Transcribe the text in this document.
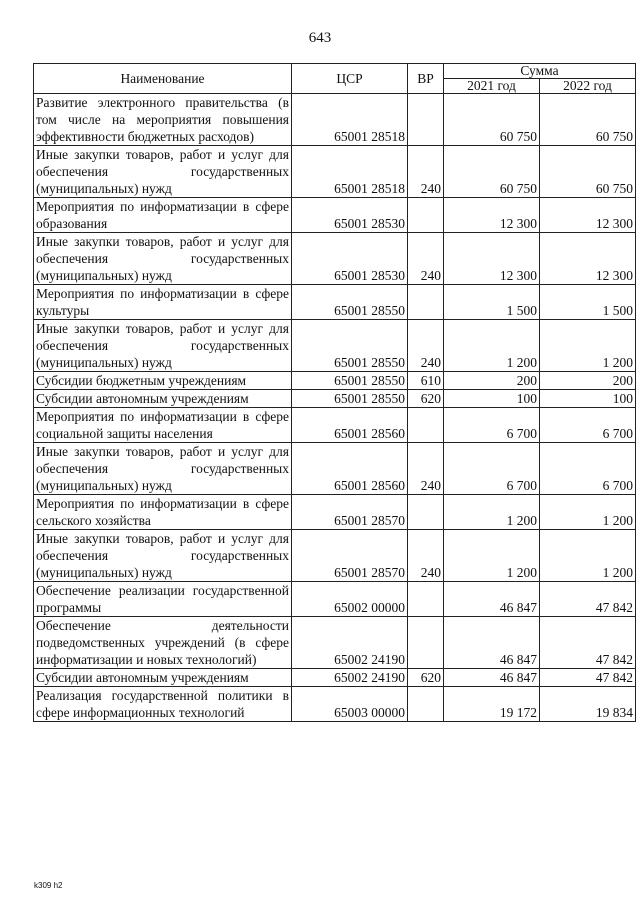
643
Наименование	ЦСР	ВР	Сумма	
			2021 год	2022 год
Развитие электронного правительства (в том числе на мероприятия повышения эффективности бюджетных расходов)	65001 28518		60 750	60 750
Иные закупки товаров, работ и услуг для обеспечения государственных (муниципальных) нужд	65001 28518	240	60 750	60 750
Мероприятия по информатизации в сфере образования	65001 28530		12 300	12 300
Иные закупки товаров, работ и услуг для обеспечения государственных (муниципальных) нужд	65001 28530	240	12 300	12 300
Мероприятия по информатизации в сфере культуры	65001 28550		1 500	1 500
Иные закупки товаров, работ и услуг для обеспечения государственных (муниципальных) нужд	65001 28550	240	1 200	1 200
Субсидии бюджетным учреждениям	65001 28550	610	200	200
Субсидии автономным учреждениям	65001 28550	620	100	100
Мероприятия по информатизации в сфере социальной защиты населения	65001 28560		6 700	6 700
Иные закупки товаров, работ и услуг для обеспечения государственных (муниципальных) нужд	65001 28560	240	6 700	6 700
Мероприятия по информатизации в сфере сельского хозяйства	65001 28570		1 200	1 200
Иные закупки товаров, работ и услуг для обеспечения государственных (муниципальных) нужд	65001 28570	240	1 200	1 200
Обеспечение реализации государственной программы	65002 00000		46 847	47 842
Обеспечение деятельности подведомственных учреждений (в сфере информатизации и новых технологий)	65002 24190		46 847	47 842
Субсидии автономным учреждениям	65002 24190	620	46 847	47 842
Реализация государственной политики в сфере информационных технологий	65003 00000		19 172	19 834
k309 h2
